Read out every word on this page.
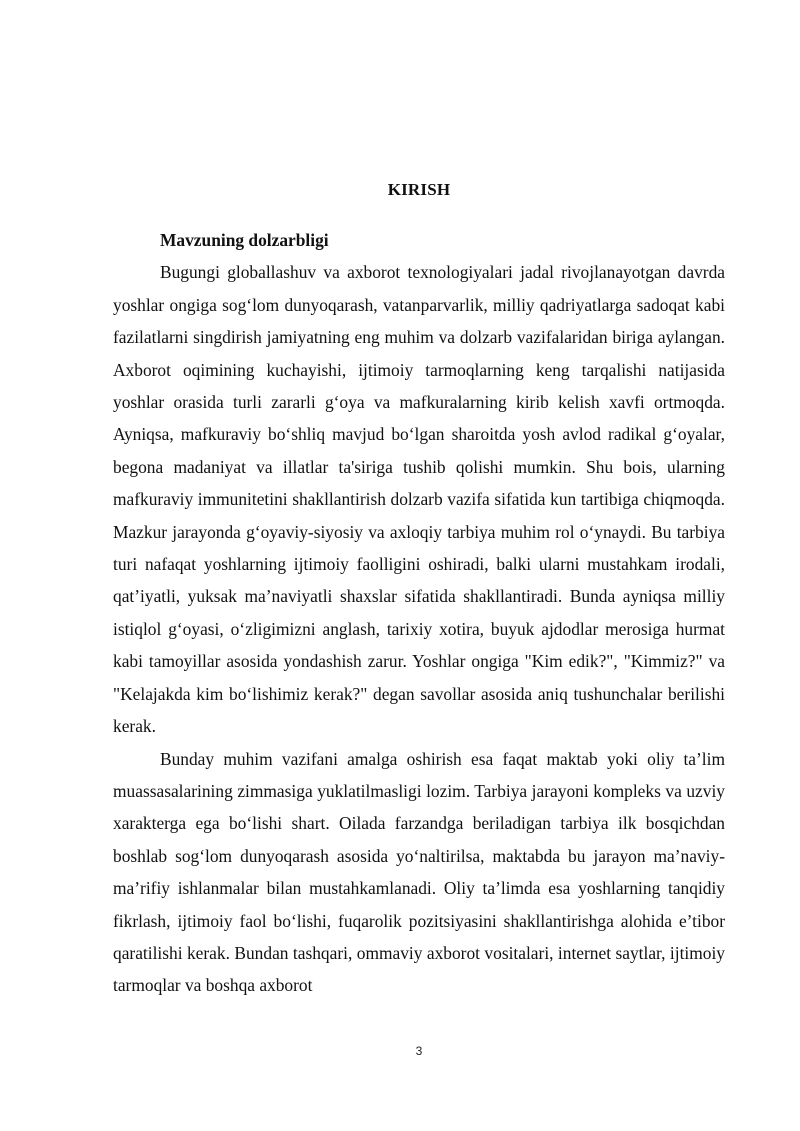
KIRISH

Mavzuning dolzarbligi

Bugungi globallashuv va axborot texnologiyalari jadal rivojlanayotgan davrda yoshlar ongiga sog‘lom dunyoqarash, vatanparvarlik, milliy qadriyatlarga sadoqat kabi fazilatlarni singdirish jamiyatning eng muhim va dolzarb vazifalaridan biriga aylangan. Axborot oqimining kuchayishi, ijtimoiy tarmoqlarning keng tarqalishi natijasida yoshlar orasida turli zararli g‘oya va mafkuralarning kirib kelish xavfi ortmoqda. Ayniqsa, mafkuraviy bo‘shliq mavjud bo‘lgan sharoitda yosh avlod radikal g‘oyalar, begona madaniyat va illatlar ta'siriga tushib qolishi mumkin. Shu bois, ularning mafkuraviy immunitetini shakllantirish dolzarb vazifa sifatida kun tartibiga chiqmoqda. Mazkur jarayonda g‘oyaviy-siyosiy va axloqiy tarbiya muhim rol o‘ynaydi. Bu tarbiya turi nafaqat yoshlarning ijtimoiy faolligini oshiradi, balki ularni mustahkam irodali, qat’iyatli, yuksak ma’naviyatli shaxslar sifatida shakllantiradi. Bunda ayniqsa milliy istiqlol g‘oyasi, o‘zligimizni anglash, tarixiy xotira, buyuk ajdodlar merosiga hurmat kabi tamoyillar asosida yondashish zarur. Yoshlar ongiga "Kim edik?", "Kimmiz?" va "Kelajakda kim bo‘lishimiz kerak?" degan savollar asosida aniq tushunchalar berilishi kerak.

Bunday muhim vazifani amalga oshirish esa faqat maktab yoki oliy ta’lim muassasalarining zimmasiga yuklatilmasligi lozim. Tarbiya jarayoni kompleks va uzviy xarakterga ega bo‘lishi shart. Oilada farzandga beriladigan tarbiya ilk bosqichdan boshlab sog‘lom dunyoqarash asosida yo‘naltirilsa, maktabda bu jarayon ma’naviy-ma’rifiy ishlanmalar bilan mustahkamlanadi. Oliy ta’limda esa yoshlarning tanqidiy fikrlash, ijtimoiy faol bo‘lishi, fuqarolik pozitsiyasini shakllantirishga alohida e’tibor qaratilishi kerak. Bundan tashqari, ommaviy axborot vositalari, internet saytlar, ijtimoiy tarmoqlar va boshqa axborot

3
